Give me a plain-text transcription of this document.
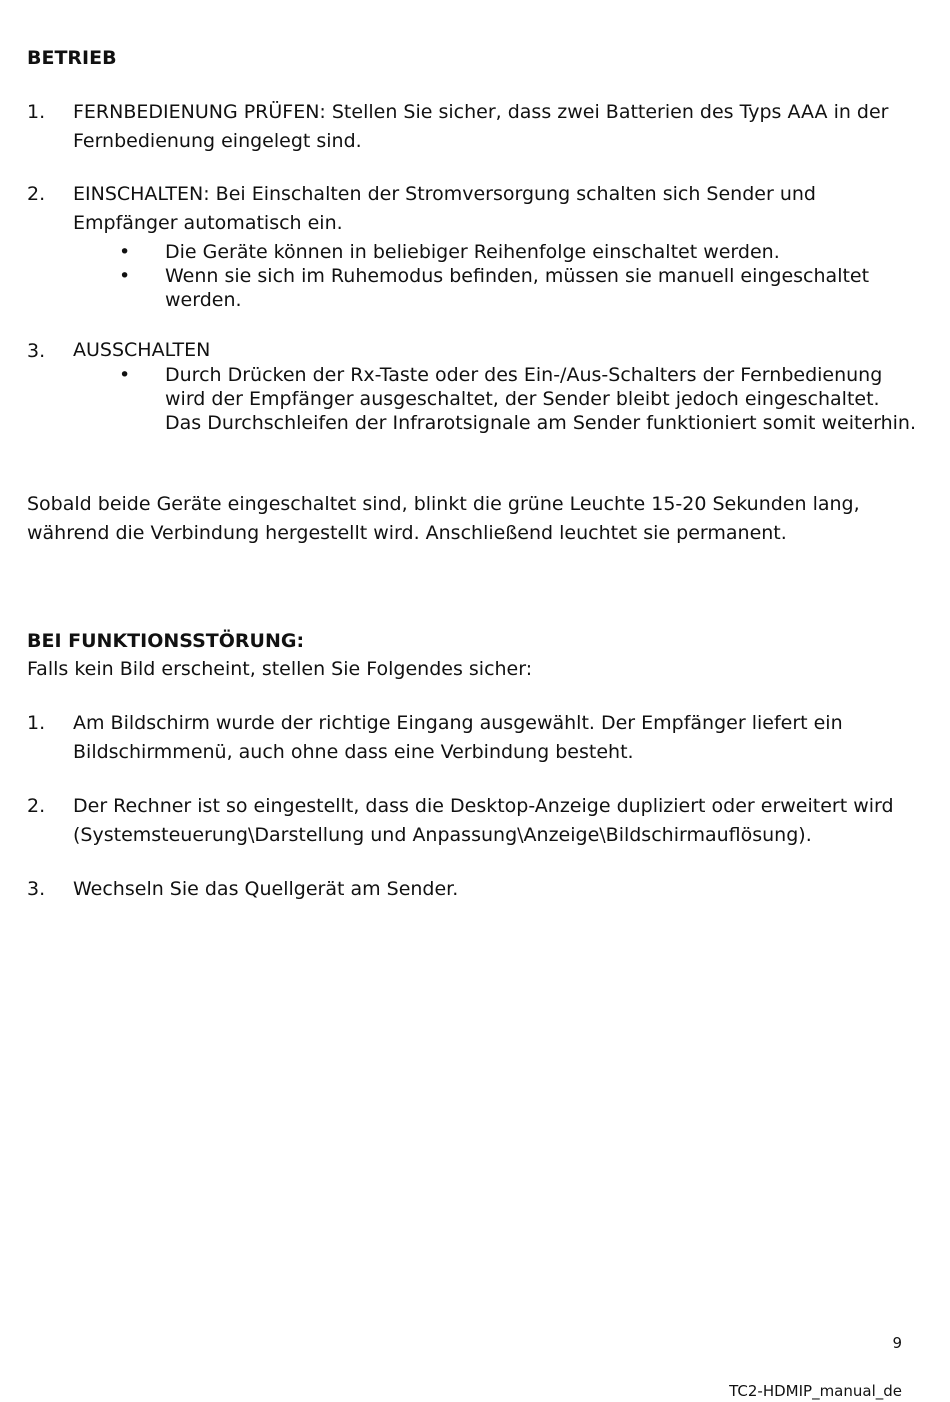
BETRIEB
1.	FERNBEDIENUNG PRÜFEN: Stellen Sie sicher, dass zwei Batterien des Typs AAA in der Fernbedienung eingelegt sind.
2.	EINSCHALTEN: Bei Einschalten der Stromversorgung schalten sich Sender und Empfänger automatisch ein.
• Die Geräte können in beliebiger Reihenfolge einschaltet werden.
• Wenn sie sich im Ruhemodus befinden, müssen sie manuell eingeschaltet werden.
3.	AUSSCHALTEN
• Durch Drücken der Rx-Taste oder des Ein-/Aus-Schalters der Fernbedienung wird der Empfänger ausgeschaltet, der Sender bleibt jedoch eingeschaltet. Das Durchschleifen der Infrarotsignale am Sender funktioniert somit weiterhin.

Sobald beide Geräte eingeschaltet sind, blinkt die grüne Leuchte 15-20 Sekunden lang, während die Verbindung hergestellt wird. Anschließend leuchtet sie permanent.

BEI FUNKTIONSSTÖRUNG:

Falls kein Bild erscheint, stellen Sie Folgendes sicher:

1.	Am Bildschirm wurde der richtige Eingang ausgewählt. Der Empfänger liefert ein Bildschirmmenü, auch ohne dass eine Verbindung besteht.
2.	Der Rechner ist so eingestellt, dass die Desktop-Anzeige dupliziert oder erweitert wird (Systemsteuerung\Darstellung und Anpassung\Anzeige\Bildschirmauflösung).
3.	Wechseln Sie das Quellgerät am Sender.
9
TC2-HDMIP_manual_de
